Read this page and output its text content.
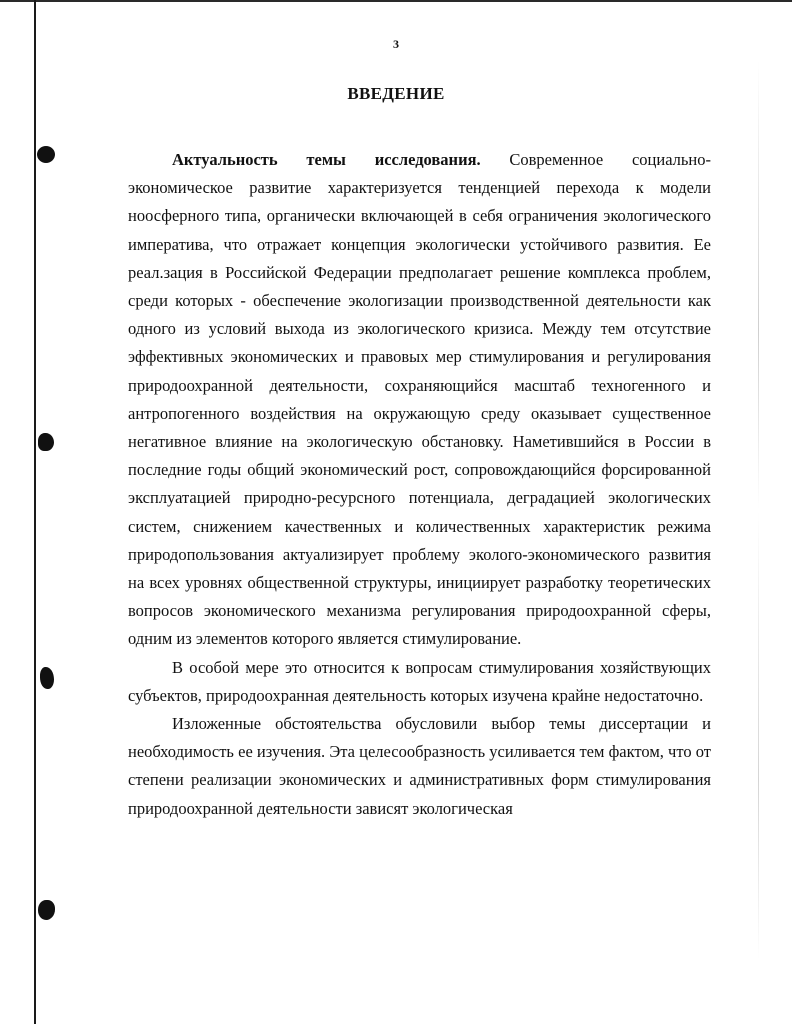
3
ВВЕДЕНИЕ

Актуальность темы исследования. Современное социально-экономическое развитие характеризуется тенденцией перехода к модели ноосферного типа, органически включающей в себя ограничения экологического императива, что отражает концепция экологически устойчивого развития. Ее реал.зация в Российской Федерации предполагает решение комплекса проблем, среди которых - обеспечение экологизации производственной деятельности как одного из условий выхода из экологического кризиса. Между тем отсутствие эффективных экономических и правовых мер стимулирования и регулирования природоохранной деятельности, сохраняющийся масштаб техногенного и антропогенного воздействия на окружающую среду оказывает существенное негативное влияние на экологическую обстановку. Наметившийся в России в последние годы общий экономический рост, сопровождающийся форсированной эксплуатацией природно-ресурсного потенциала, деградацией экологических систем, снижением качественных и количественных характеристик режима природопользования актуализирует проблему эколого-экономического развития на всех уровнях общественной структуры, инициирует разработку теоретических вопросов экономического механизма регулирования природоохранной сферы, одним из элементов которого является стимулирование.

В особой мере это относится к вопросам стимулирования хозяйствующих субъектов, природоохранная деятельность которых изучена крайне недостаточно.

Изложенные обстоятельства обусловили выбор темы диссертации и необходимость ее изучения. Эта целесообразность усиливается тем фактом, что от степени реализации экономических и административных форм стимулирования природоохранной деятельности зависят экологическая
